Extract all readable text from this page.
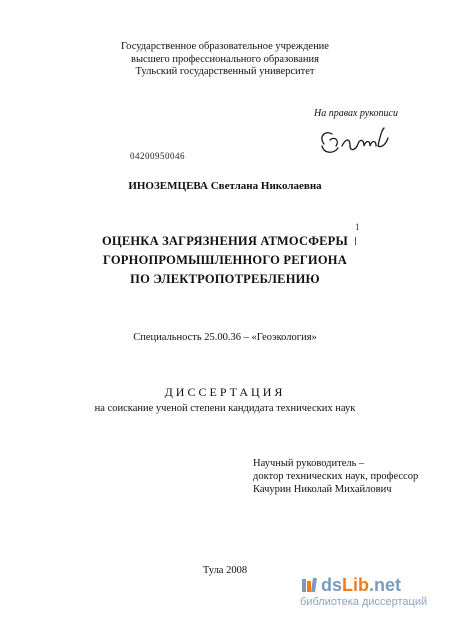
Государственное образовательное учреждение
высшего профессионального образования
Тульский государственный университет
На правах рукописи
04200950046
ИНОЗЕМЦЕВА Светлана Николаевна
ОЦЕНКА ЗАГРЯЗНЕНИЯ АТМОСФЕРЫ
ГОРНОПРОМЫШЛЕННОГО РЕГИОНА
ПО ЭЛЕКТРОПОТРЕБЛЕНИЮ
1
Специальность 25.00.36 – «Геоэкология»
ДИССЕРТАЦИЯ
на соискание ученой степени кандидата технических наук
Научный руководитель –
доктор технических наук, профессор
Качурин Николай Михайлович
Тула 2008
ds Lib .net
библиотека диссертаций
